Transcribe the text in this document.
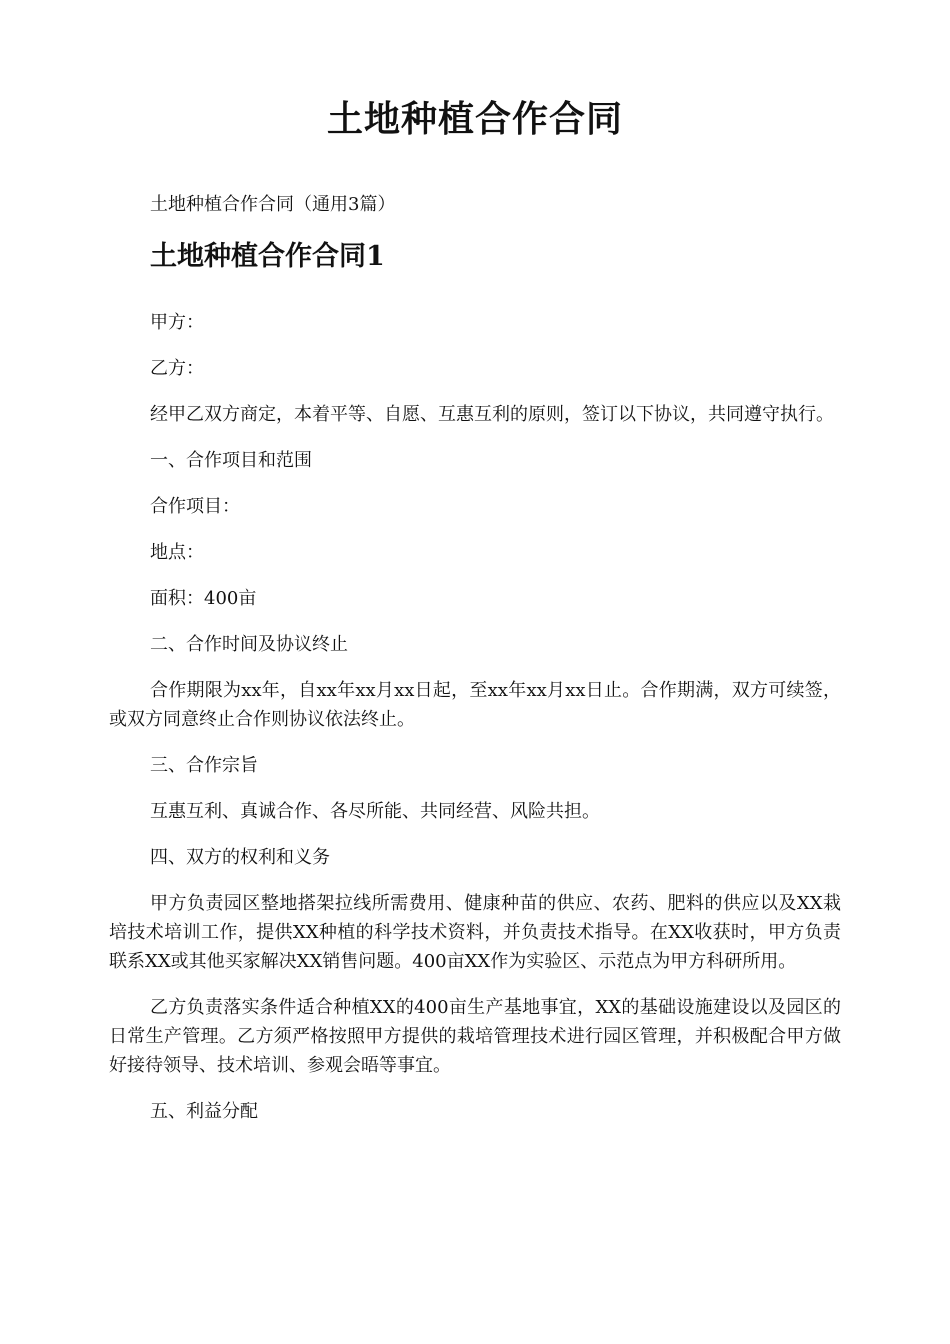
土地种植合作合同

土地种植合作合同（通用3篇）

土地种植合作合同1

甲方：

乙方：

经甲乙双方商定，本着平等、自愿、互惠互利的原则，签订以下协议，共同遵守执行。

一、合作项目和范围

合作项目：

地点：

面积：400亩

二、合作时间及协议终止

合作期限为xx年，自xx年xx月xx日起，至xx年xx月xx日止。合作期满，双方可续签，或双方同意终止合作则协议依法终止。

三、合作宗旨

互惠互利、真诚合作、各尽所能、共同经营、风险共担。

四、双方的权利和义务

甲方负责园区整地搭架拉线所需费用、健康种苗的供应、农药、肥料的供应以及XX栽培技术培训工作，提供XX种植的科学技术资料，并负责技术指导。在XX收获时，甲方负责联系XX或其他买家解决XX销售问题。400亩XX作为实验区、示范点为甲方科研所用。

乙方负责落实条件适合种植XX的400亩生产基地事宜，XX的基础设施建设以及园区的日常生产管理。乙方须严格按照甲方提供的栽培管理技术进行园区管理，并积极配合甲方做好接待领导、技术培训、参观会晤等事宜。

五、利益分配
